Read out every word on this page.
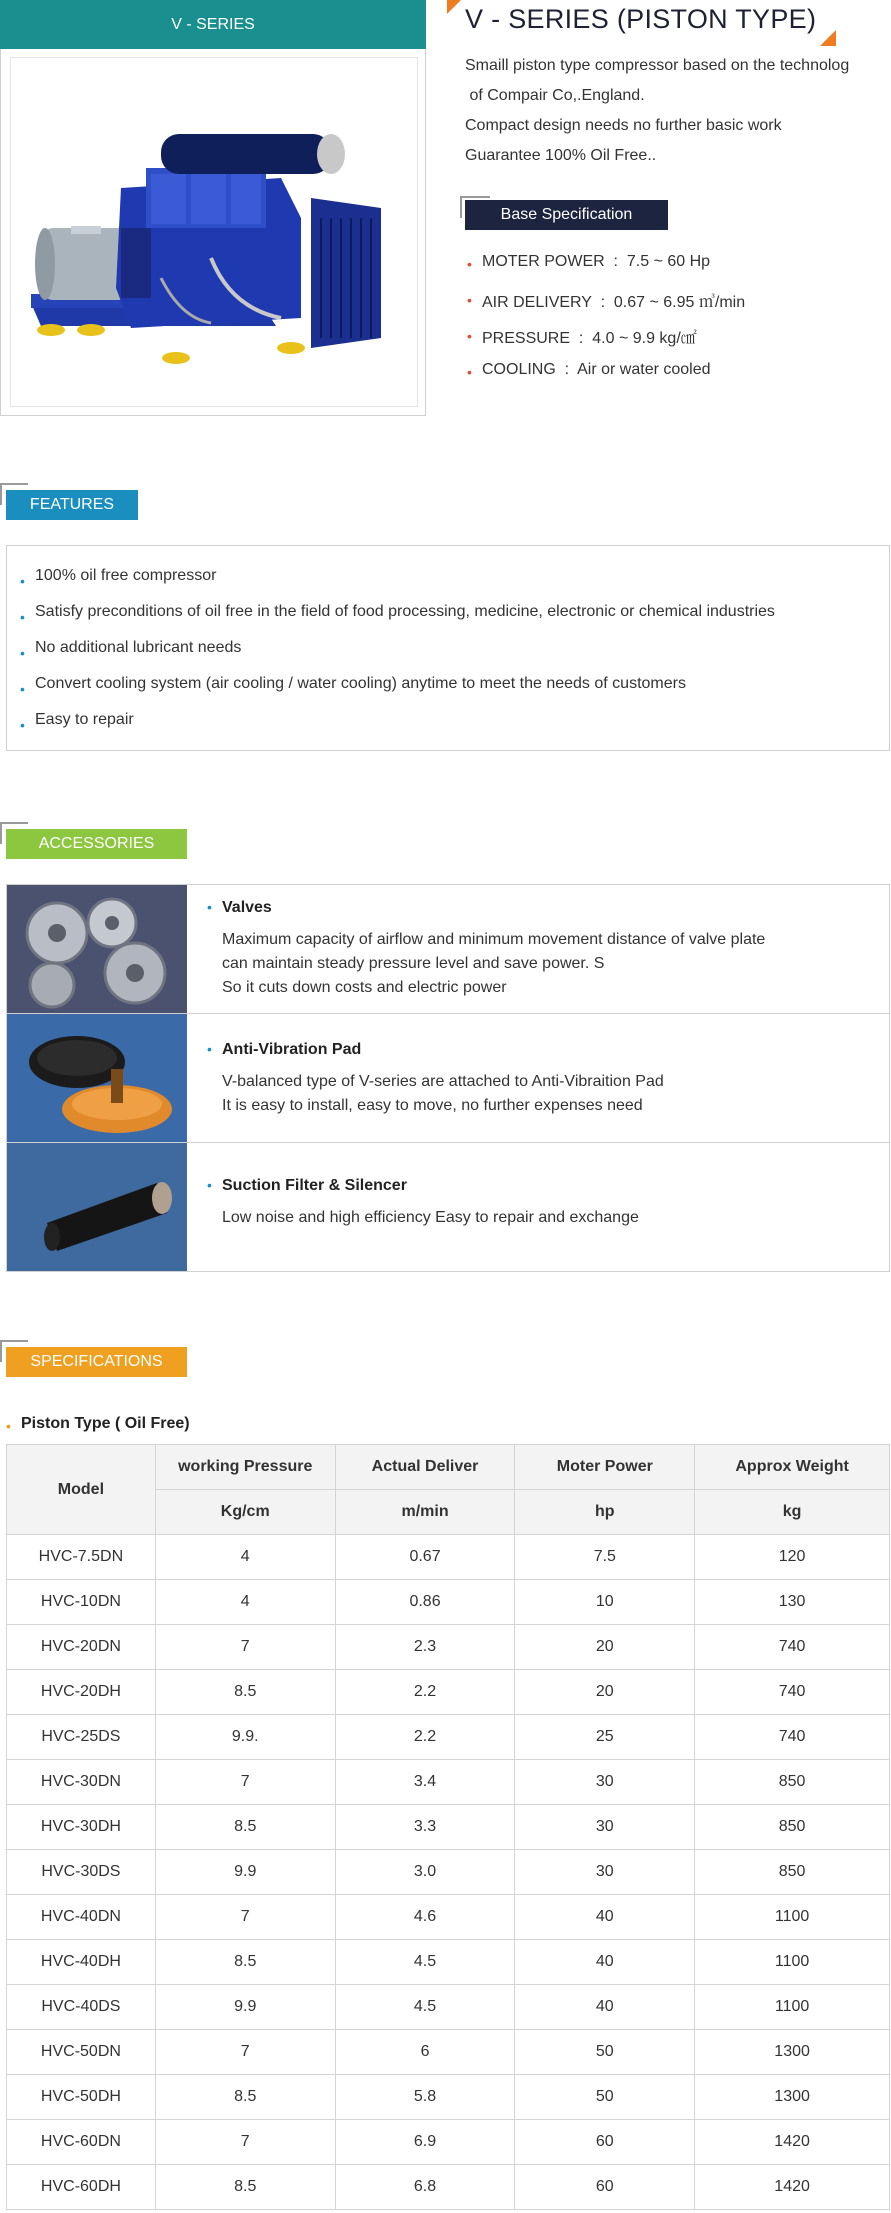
V - SERIES	V - SERIES (PISTON TYPE)
Smaill piston type compressor based on the technolog
of Compair Co,.England.
Compact design needs no further basic work
Guarantee 100% Oil Free..
Base Specification
• MOTER POWER  :  7.5 ~ 60 Hp
• AIR DELIVERY  :  0.67 ~ 6.95 ㎥/min
• PRESSURE  :  4.0 ~ 9.9 kg/㎠
• COOLING  :  Air or water cooled
FEATURES
• 100% oil free compressor
• Satisfy preconditions of oil free in the field of food processing, medicine, electronic or chemical industries
• No additional lubricant needs
• Convert cooling system (air cooling / water cooling) anytime to meet the needs of customers
• Easy to repair
ACCESSORIES
• Valves
Maximum capacity of airflow and minimum movement distance of valve plate
can maintain steady pressure level and save power. S
So it cuts down costs and electric power
• Anti-Vibration Pad
V-balanced type of V-series are attached to Anti-Vibraition Pad
It is easy to install, easy to move, no further expenses need
• Suction Filter & Silencer
Low noise and high efficiency Easy to repair and exchange
SPECIFICATIONS
• Piston Type ( Oil Free)
Model	working Pressure	Actual Deliver	Moter Power	Approx Weight
	Kg/cm	m/min	hp	kg
HVC-7.5DN	4	0.67	7.5	120
HVC-10DN	4	0.86	10	130
HVC-20DN	7	2.3	20	740
HVC-20DH	8.5	2.2	20	740
HVC-25DS	9.9.	2.2	25	740
HVC-30DN	7	3.4	30	850
HVC-30DH	8.5	3.3	30	850
HVC-30DS	9.9	3.0	30	850
HVC-40DN	7	4.6	40	1100
HVC-40DH	8.5	4.5	40	1100
HVC-40DS	9.9	4.5	40	1100
HVC-50DN	7	6	50	1300
HVC-50DH	8.5	5.8	50	1300
HVC-60DN	7	6.9	60	1420
HVC-60DH	8.5	6.8	60	1420
